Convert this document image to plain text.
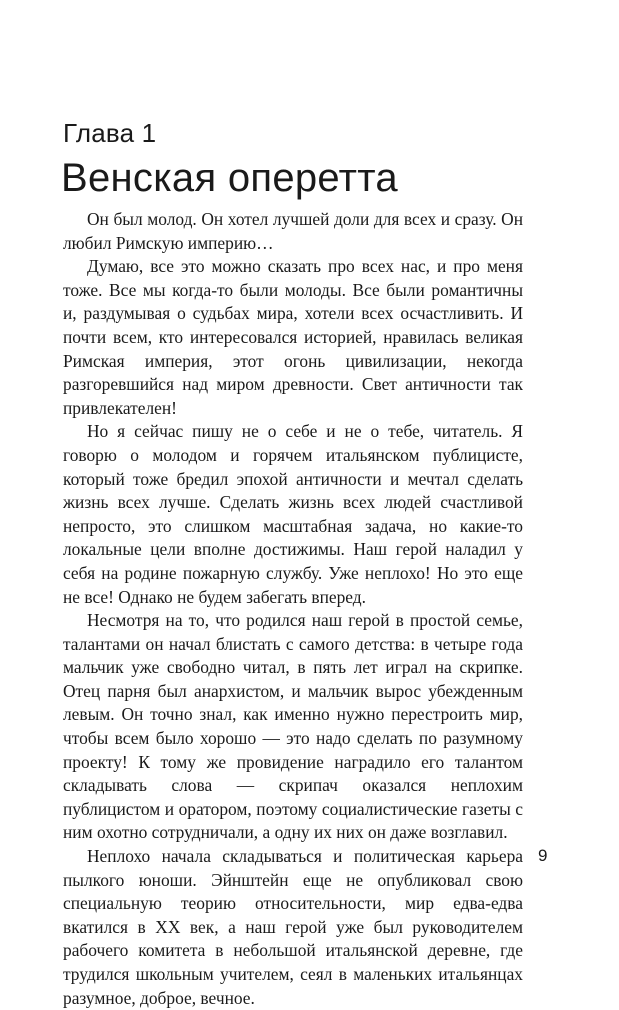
Глава 1
Венская оперетта

Он был молод. Он хотел лучшей доли для всех и сразу. Он любил Римскую империю…

Думаю, все это можно сказать про всех нас, и про меня тоже. Все мы когда-то были молоды. Все были романтичны и, раздумывая о судьбах мира, хотели всех осчастливить. И почти всем, кто интересовался историей, нравилась великая Римская империя, этот огонь цивилизации, некогда разгоревшийся над миром древности. Свет античности так привлекателен!

Но я сейчас пишу не о себе и не о тебе, читатель. Я говорю о молодом и горячем итальянском публицисте, который тоже бредил эпохой античности и мечтал сделать жизнь всех лучше. Сделать жизнь всех людей счастливой непросто, это слишком масштабная задача, но какие-то локальные цели вполне достижимы. Наш герой наладил у себя на родине пожарную службу. Уже неплохо! Но это еще не все! Однако не будем забегать вперед.

Несмотря на то, что родился наш герой в простой семье, талантами он начал блистать с самого детства: в четыре года мальчик уже свободно читал, в пять лет играл на скрипке. Отец парня был анархистом, и мальчик вырос убежденным левым. Он точно знал, как именно нужно перестроить мир, чтобы всем было хорошо — это надо сделать по разумному проекту! К тому же провидение наградило его талантом складывать слова — скрипач оказался неплохим публицистом и оратором, поэтому социалистические газеты с ним охотно сотрудничали, а одну их них он даже возглавил.

Неплохо начала складываться и политическая карьера пылкого юноши. Эйнштейн еще не опубликовал свою специальную теорию относительности, мир едва-едва вкатился в XX век, а наш герой уже был руководителем рабочего комитета в небольшой итальянской деревне, где трудился школьным учителем, сеял в маленьких итальянцах разумное, доброе, вечное.

9
